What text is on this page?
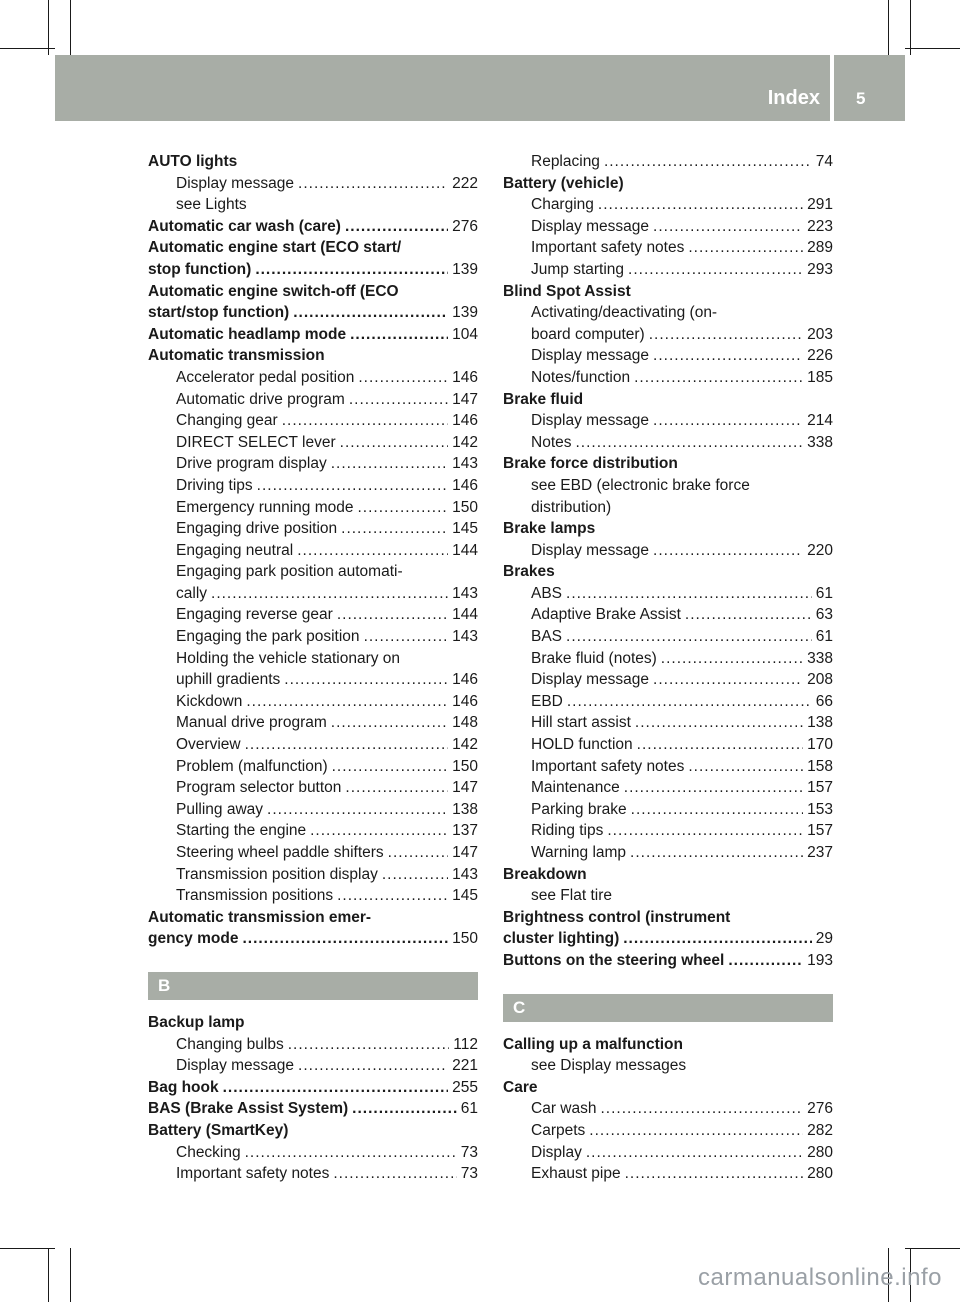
Index 5
AUTO lights
Display message .....	222
see Lights
Automatic car wash (care) .....	276
Automatic engine start (ECO start/
stop function) .....	139
Automatic engine switch-off (ECO
start/stop function) .....	139
Automatic headlamp mode .....	104
Automatic transmission
Accelerator pedal position .....	146
Automatic drive program .....	147
Changing gear .....	146
DIRECT SELECT lever .....	142
Drive program display .....	143
Driving tips .....	146
Emergency running mode .....	150
Engaging drive position .....	145
Engaging neutral .....	144
Engaging park position automati-
cally .....	143
Engaging reverse gear .....	144
Engaging the park position .....	143
Holding the vehicle stationary on
uphill gradients .....	146
Kickdown .....	146
Manual drive program .....	148
Overview .....	142
Problem (malfunction) .....	150
Program selector button .....	147
Pulling away .....	138
Starting the engine .....	137
Steering wheel paddle shifters .....	147
Transmission position display .....	143
Transmission positions .....	145
Automatic transmission emer-
gency mode .....	150
B
Backup lamp
Changing bulbs .....	112
Display message .....	221
Bag hook .....	255
BAS (Brake Assist System) .....	61
Battery (SmartKey)
Checking .....	73
Important safety notes .....	73
Replacing .....	74
Battery (vehicle)
Charging .....	291
Display message .....	223
Important safety notes .....	289
Jump starting .....	293
Blind Spot Assist
Activating/deactivating (on-
board computer) .....	203
Display message .....	226
Notes/function .....	185
Brake fluid
Display message .....	214
Notes .....	338
Brake force distribution
see EBD (electronic brake force
distribution)
Brake lamps
Display message .....	220
Brakes
ABS .....	61
Adaptive Brake Assist .....	63
BAS .....	61
Brake fluid (notes) .....	338
Display message .....	208
EBD .....	66
Hill start assist .....	138
HOLD function .....	170
Important safety notes .....	158
Maintenance .....	157
Parking brake .....	153
Riding tips .....	157
Warning lamp .....	237
Breakdown
see Flat tire
Brightness control (instrument
cluster lighting) .....	29
Buttons on the steering wheel .....	193
C
Calling up a malfunction
see Display messages
Care
Car wash .....	276
Carpets .....	282
Display .....	280
Exhaust pipe .....	280
carmanualsonline.info
